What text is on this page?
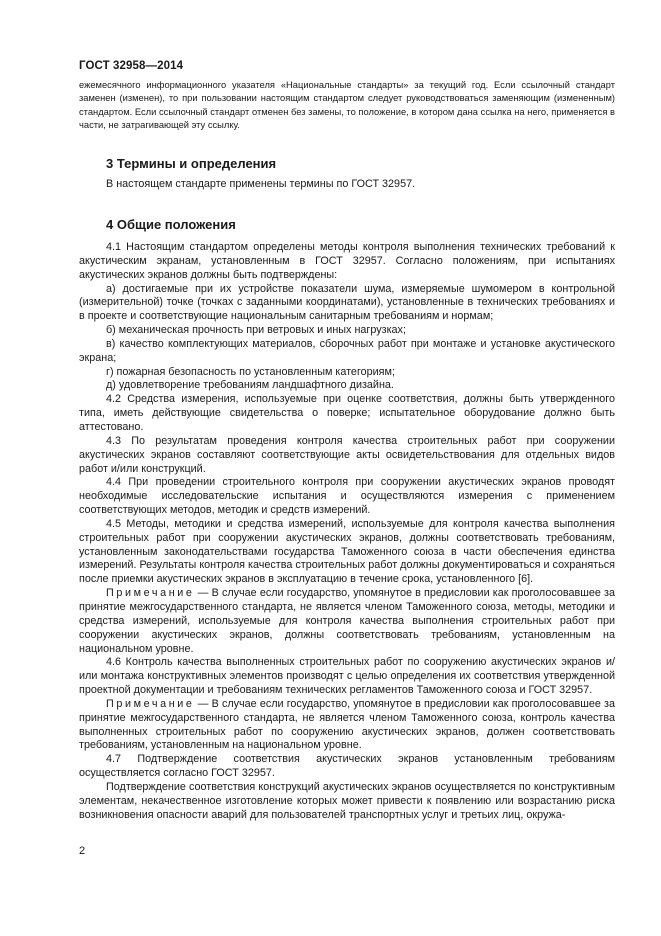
ГОСТ 32958—2014

ежемесячного информационного указателя «Национальные стандарты» за текущий год. Если ссылочный стандарт заменен (изменен), то при пользовании настоящим стандартом следует руководствоваться заменяющим (измененным) стандартом. Если ссылочный стандарт отменен без замены, то положение, в котором дана ссылка на него, применяется в части, не затрагивающей эту ссылку.

3 Термины и определения

В настоящем стандарте применены термины по ГОСТ 32957.

4 Общие положения

4.1 Настоящим стандартом определены методы контроля выполнения технических требований к акустическим экранам, установленным в ГОСТ 32957. Согласно положениям, при испытаниях акустических экранов должны быть подтверждены:

а) достигаемые при их устройстве показатели шума, измеряемые шумомером в контрольной (измерительной) точке (точках с заданными координатами), установленные в технических требованиях и в проекте и соответствующие национальным санитарным требованиям и нормам;

б) механическая прочность при ветровых и иных нагрузках;

в) качество комплектующих материалов, сборочных работ при монтаже и установке акустического экрана;

г) пожарная безопасность по установленным категориям;

д) удовлетворение требованиям ландшафтного дизайна.

4.2 Средства измерения, используемые при оценке соответствия, должны быть утвержденного типа, иметь действующие свидетельства о поверке; испытательное оборудование должно быть аттестовано.

4.3 По результатам проведения контроля качества строительных работ при сооружении акустических экранов составляют соответствующие акты освидетельствования для отдельных видов работ и/или конструкций.

4.4 При проведении строительного контроля при сооружении акустических экранов проводят необходимые исследовательские испытания и осуществляются измерения с применением соответствующих методов, методик и средств измерений.

4.5 Методы, методики и средства измерений, используемые для контроля качества выполнения строительных работ при сооружении акустических экранов, должны соответствовать требованиям, установленным законодательствами государства Таможенного союза в части обеспечения единства измерений. Результаты контроля качества строительных работ должны документироваться и сохраняться после приемки акустических экранов в эксплуатацию в течение срока, установленного [6].

Примечание — В случае если государство, упомянутое в предисловии как проголосовавшее за принятие межгосударственного стандарта, не является членом Таможенного союза, методы, методики и средства измерений, используемые для контроля качества выполнения строительных работ при сооружении акустических экранов, должны соответствовать требованиям, установленным на национальном уровне.

4.6 Контроль качества выполненных строительных работ по сооружению акустических экранов и/или монтажа конструктивных элементов производят с целью определения их соответствия утвержденной проектной документации и требованиям технических регламентов Таможенного союза и ГОСТ 32957.

Примечание — В случае если государство, упомянутое в предисловии как проголосовавшее за принятие межгосударственного стандарта, не является членом Таможенного союза, контроль качества выполненных строительных работ по сооружению акустических экранов, должен соответствовать требованиям, установленным на национальном уровне.

4.7 Подтверждение соответствия акустических экранов установленным требованиям осуществляется согласно ГОСТ 32957.

Подтверждение соответствия конструкций акустических экранов осуществляется по конструктивным элементам, некачественное изготовление которых может привести к появлению или возрастанию риска возникновения опасности аварий для пользователей транспортных услуг и третьих лиц, окружа-

2
